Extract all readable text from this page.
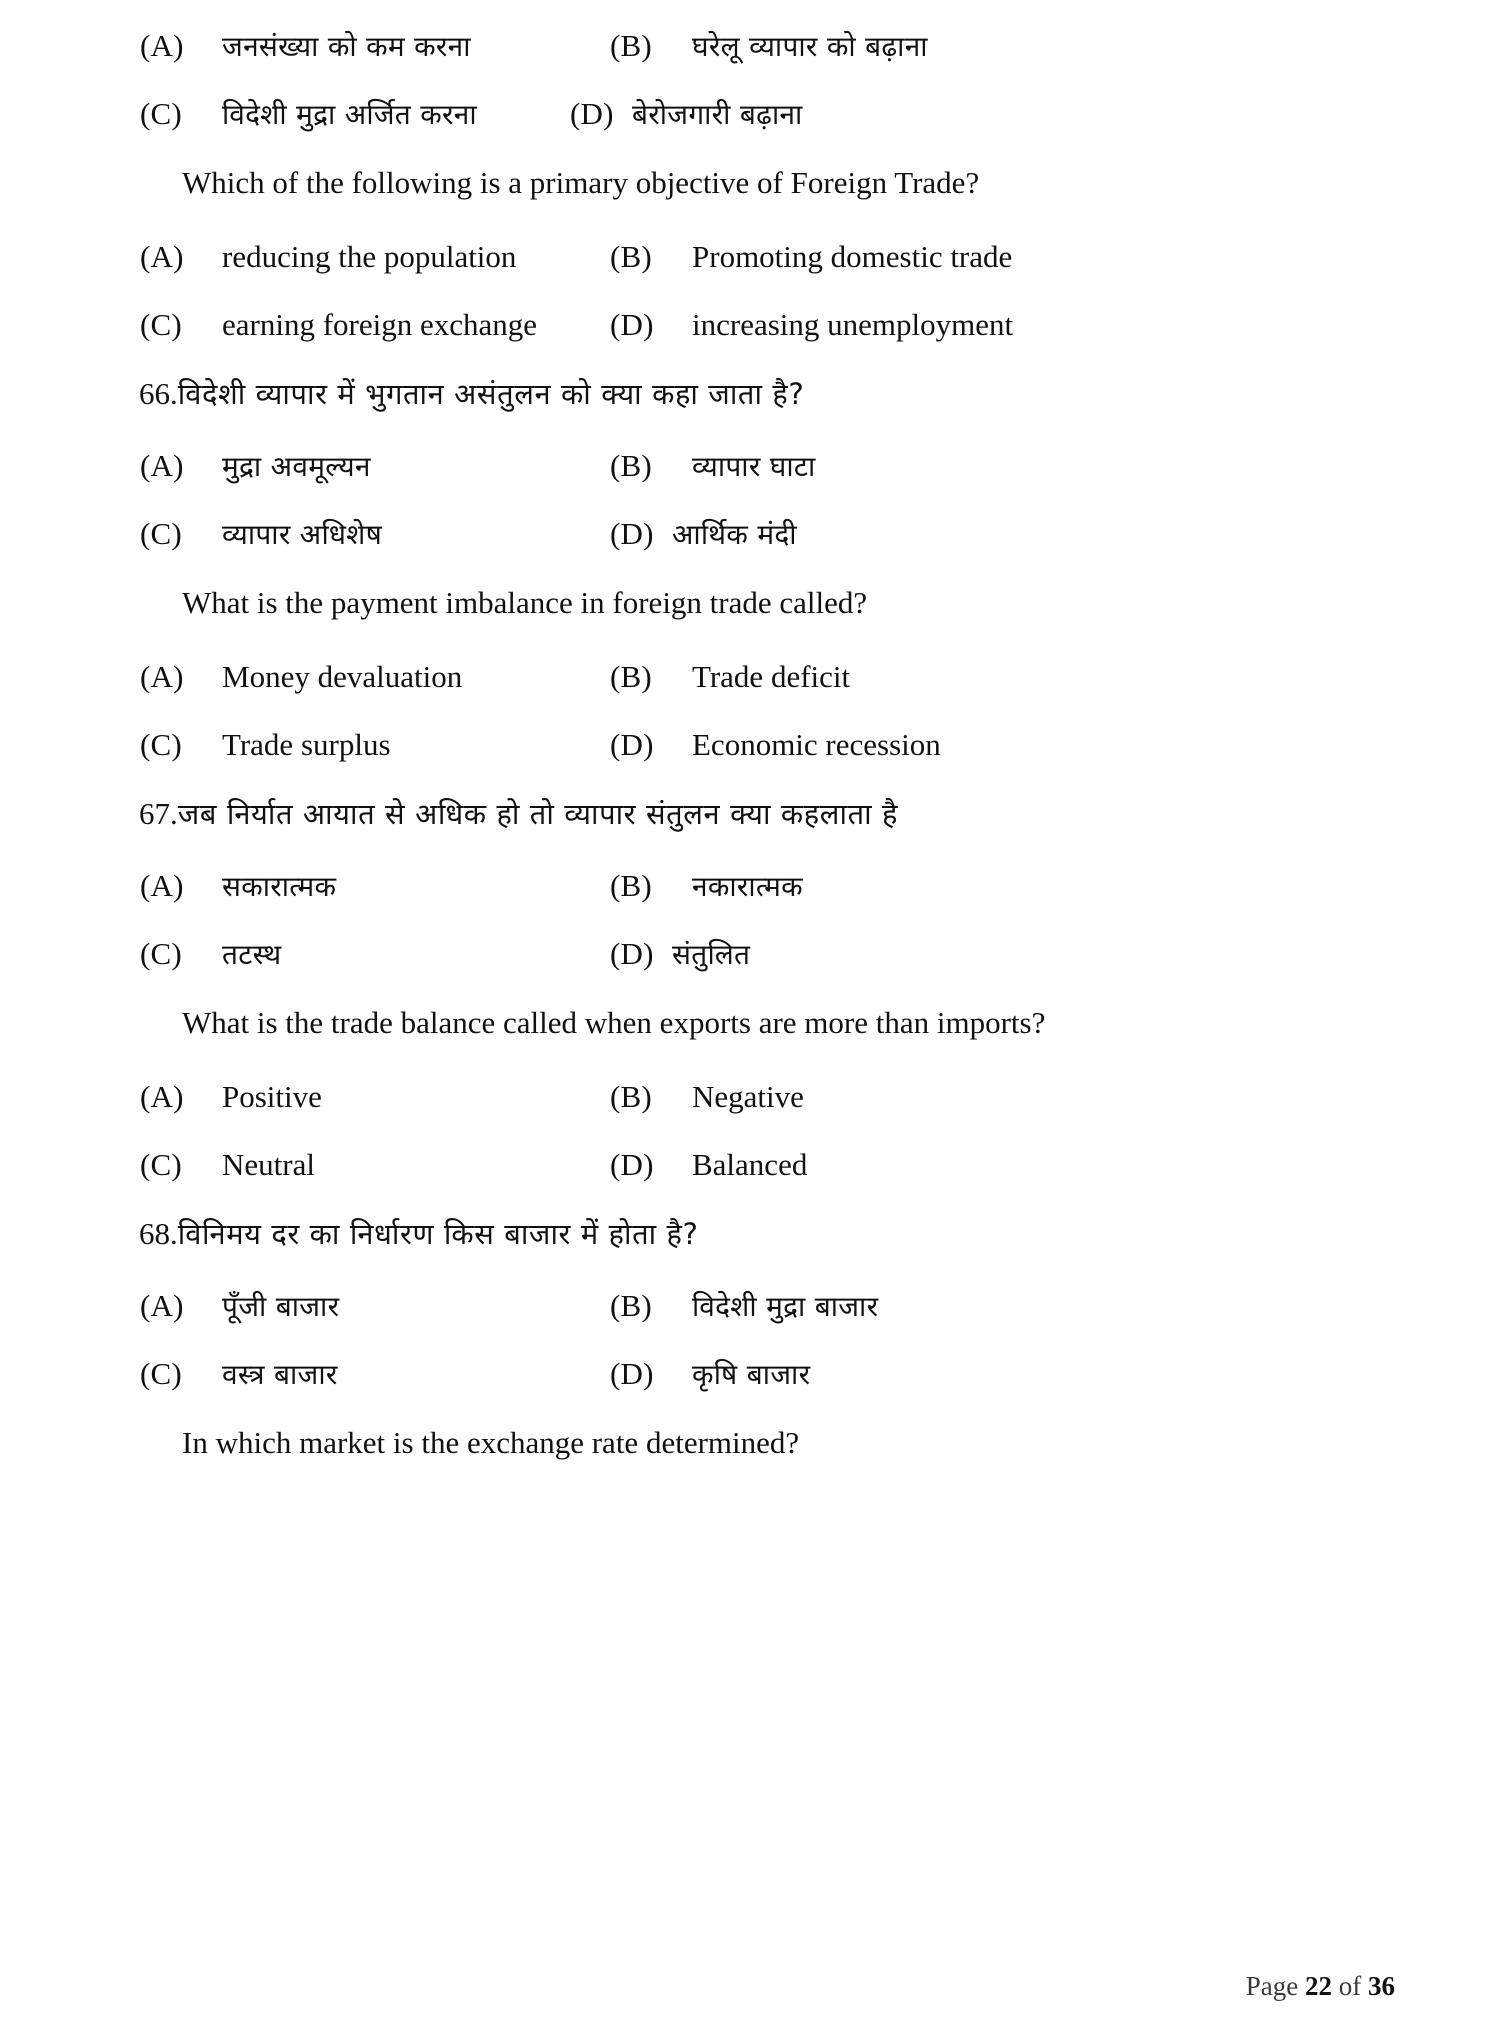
(A)	जनसंख्या को कम करना	(B)	घरेलू व्यापार को बढ़ाना
(C)	विदेशी मुद्रा अर्जित करना	(D) बेरोजगारी बढ़ाना
Which of the following is a primary objective of Foreign Trade?
(A)	reducing the population	(B)	Promoting domestic trade
(C)	earning foreign exchange (D)	increasing unemployment
66. विदेशी व्यापार में भुगतान असंतुलन को क्या कहा जाता है?
(A)	मुद्रा अवमूल्यन	(B)	व्यापार घाटा
(C)	व्यापार अधिशेष	(D) आर्थिक मंदी
What is the payment imbalance in foreign trade called?
(A)	Money devaluation	(B)	Trade deficit
(C)	Trade surplus	(D)	Economic recession
67. जब निर्यात आयात से अधिक हो तो व्यापार संतुलन क्या कहलाता है
(A)	सकारात्मक	(B)	नकारात्मक
(C)	तटस्थ	(D) संतुलित
What is the trade balance called when exports are more than imports?
(A)	Positive	(B)	Negative
(C)	Neutral	(D)	Balanced
68. विनिमय दर का निर्धारण किस बाजार में होता है?
(A)	पूँजी बाजार	(B)	विदेशी मुद्रा बाजार
(C)	वस्त्र बाजार	(D)	कृषि बाजार
In which market is the exchange rate determined?
Page 22 of 36
